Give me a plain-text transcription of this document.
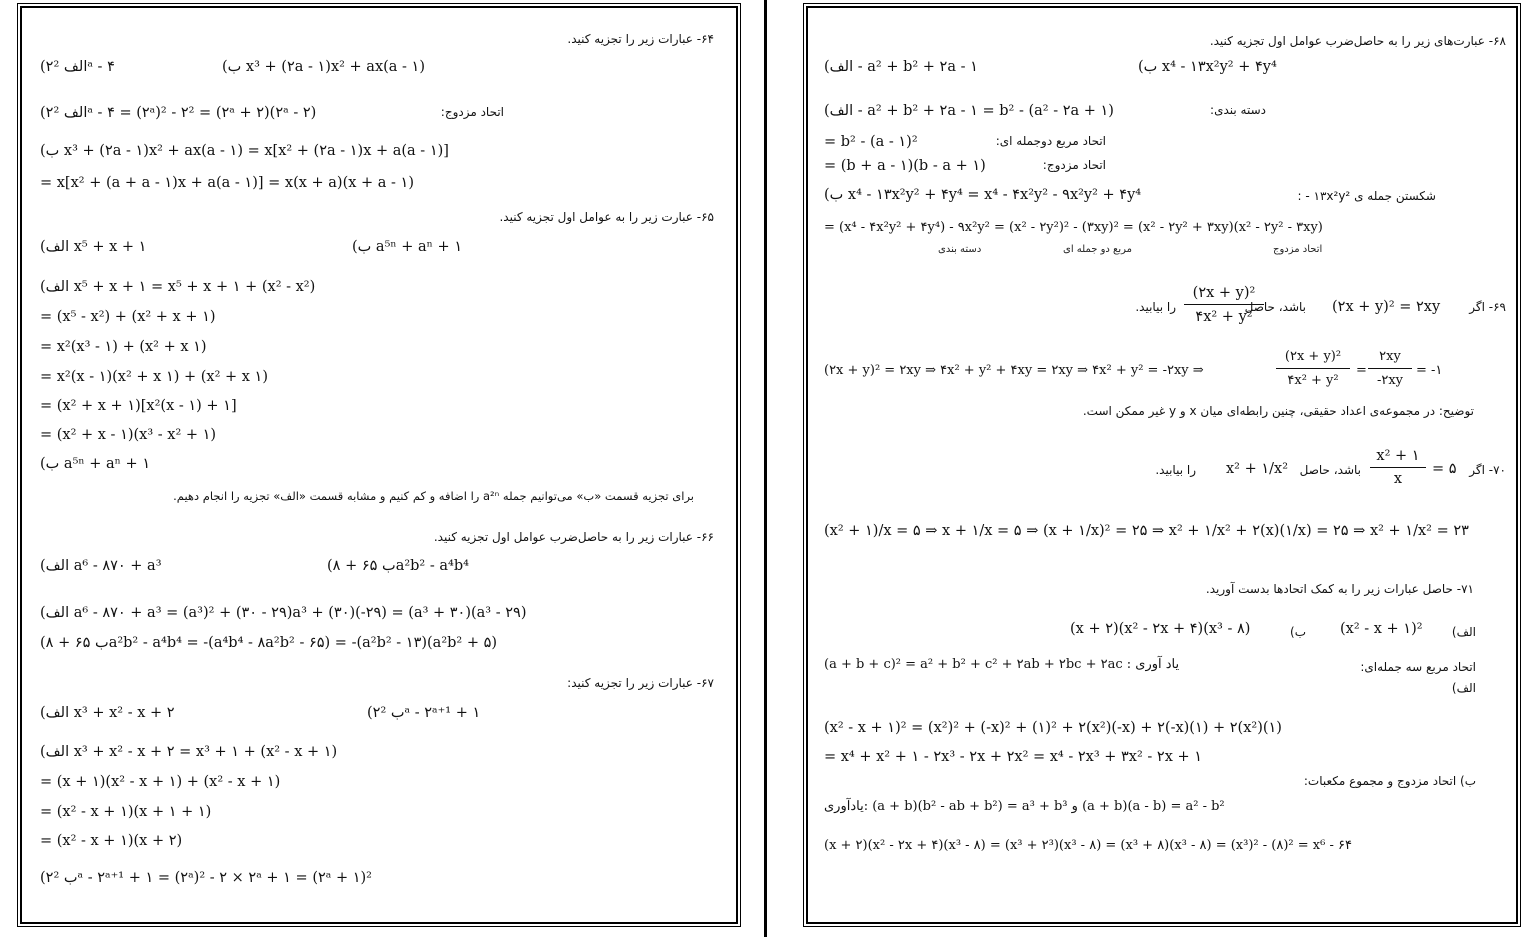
۶۴- عبارات زیر را تجزیه کنید.
(الف ۲²ᵃ - ۴	(ب x³ + (۲a - ۱)x² + ax(a - ۱)
اتحاد مزدوج:
(الف ۲²ᵃ - ۴ = (۲ᵃ)² - ۲² = (۲ᵃ + ۲)(۲ᵃ - ۲)
(ب x³ + (۲a - ۱)x² + ax(a - ۱) = x[x² + (۲a - ۱)x + a(a - ۱)]
= x[x² + (a + a - ۱)x + a(a - ۱)] = x(x + a)(x + a - ۱)
۶۵- عبارت زیر را به عوامل اول تجزیه کنید.
(الف x⁵ + x + ۱	(ب a⁵ⁿ + aⁿ + ۱
(الف x⁵ + x + ۱ = x⁵ + x + ۱ + (x² - x²)
= (x⁵ - x²) + (x² + x + ۱)
= x²(x³ - ۱) + (x² + x ۱)
= x²(x - ۱)(x² + x ۱) + (x² + x ۱)
= (x² + x + ۱)[x²(x - ۱) + ۱]
= (x² + x - ۱)(x³ - x² + ۱)
(ب a⁵ⁿ + aⁿ + ۱
برای تجزیه قسمت «ب» می‌توانیم جمله a²ⁿ را اضافه و کم کنیم و مشابه قسمت «الف» تجزیه را انجام دهیم.
۶۶- عبارات زیر را به حاصل‌ضرب عوامل اول تجزیه کنید.
(الف a⁶ - ۸۷۰ + a³	(ب ۶۵ + ۸a²b² - a⁴b⁴
(الف a⁶ - ۸۷۰ + a³ = (a³)² + (۳۰ - ۲۹)a³ + (۳۰)(-۲۹) = (a³ + ۳۰)(a³ - ۲۹)
(ب ۶۵ + ۸a²b² - a⁴b⁴ = -(a⁴b⁴ - ۸a²b² - ۶۵) = -(a²b² - ۱۳)(a²b² + ۵)
۶۷- عبارات زیر را تجزیه کنید:
(الف x³ + x² - x + ۲	(ب ۲²ᵃ - ۲ᵃ⁺¹ + ۱
(الف x³ + x² - x + ۲ = x³ + ۱ + (x² - x + ۱)
= (x + ۱)(x² - x + ۱) + (x² - x + ۱)
= (x² - x + ۱)(x + ۱ + ۱)
= (x² - x + ۱)(x + ۲)
(ب ۲²ᵃ - ۲ᵃ⁺¹ + ۱ = (۲ᵃ)² - ۲ × ۲ᵃ + ۱ = (۲ᵃ + ۱)²
۶۸- عبارت‌های زیر را به حاصل‌ضرب عوامل اول تجزیه کنید.
(الف - a² + b² + ۲a - ۱	(ب x⁴ - ۱۳x²y² + ۴y⁴
(الف - a² + b² + ۲a - ۱ = b² - (a² - ۲a + ۱)	دسته بندی:
= b² - (a - ۱)²	اتحاد مربع دوجمله ای:
= (b + a - ۱)(b - a + ۱)	اتحاد مزدوج:
(ب x⁴ - ۱۳x²y² + ۴y⁴ = x⁴ - ۴x²y² - ۹x²y² + ۴y⁴	شکستن جمله ی ۱۳x²y² - :
= (x⁴ - ۴x²y² + ۴y⁴) - ۹x²y² = (x² - ۲y²)² - (۳xy)² = (x² - ۲y² + ۳xy)(x² - ۲y² - ۳xy)
دسته بندی	مربع دو جمله ای	اتحاد مزدوج
۶۹- اگر
(۲x + y)² = ۲xy
باشد، حاصل
(۲x + y)²
۴x² + y²
را بیابید.
(۲x + y)² = ۲xy ⇒ ۴x² + y² + ۴xy = ۲xy ⇒ ۴x² + y² = -۲xy ⇒
(۲x + y)²
۴x² + y²
=
۲xy
-۲xy
= -۱
توضیح: در مجموعه‌ی اعداد حقیقی، چنین رابطه‌ای میان x و y غیر ممکن است.
۷۰- اگر
x² + ۱
x
= ۵
باشد، حاصل
x² + ۱/x²
را بیابید.
(x² + ۱)/x = ۵ ⇒ x + ۱/x = ۵ ⇒ (x + ۱/x)² = ۲۵ ⇒ x² + ۱/x² + ۲(x)(۱/x) = ۲۵ ⇒ x² + ۱/x² = ۲۳
۷۱- حاصل عبارات زیر را به کمک اتحادها بدست آورید.
الف)
(x² - x + ۱)²
ب)
(x + ۲)(x² - ۲x + ۴)(x³ - ۸)
اتحاد مربع سه جمله‌ای:
الف)
(a + b + c)² = a² + b² + c² + ۲ab + ۲bc + ۲ac : یاد آوری
(x² - x + ۱)² = (x²)² + (-x)² + (۱)² + ۲(x²)(-x) + ۲(-x)(۱) + ۲(x²)(۱)
= x⁴ + x² + ۱ - ۲x³ - ۲x + ۲x² = x⁴ - ۲x³ + ۳x² - ۲x + ۱
ب) اتحاد مزدوج و مجموع مکعبات:
یادآوری: (a + b)(b² - ab + b²) = a³ + b³ و (a + b)(a - b) = a² - b²
(x + ۲)(x² - ۲x + ۴)(x³ - ۸) = (x³ + ۲³)(x³ - ۸) = (x³ + ۸)(x³ - ۸) = (x³)² - (۸)² = x⁶ - ۶۴
